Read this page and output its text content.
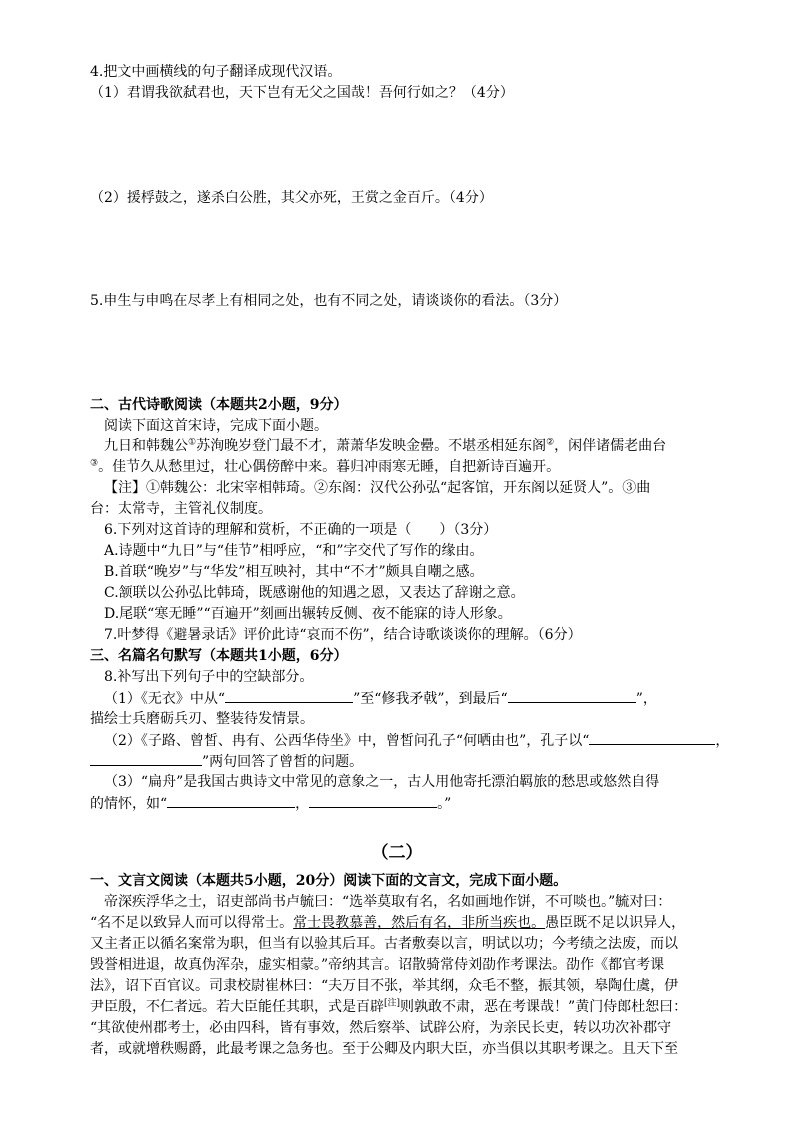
4.把文中画横线的句子翻译成现代汉语。
（1）君谓我欲弑君也，天下岂有无父之国哉！吾何行如之？（4分）
（2）援桴鼓之，遂杀白公胜，其父亦死，王赏之金百斤。（4分）
5.申生与申鸣在尽孝上有相同之处，也有不同之处，请谈谈你的看法。（3分）
二、古代诗歌阅读（本题共2小题，9分）
阅读下面这首宋诗，完成下面小题。
九日和韩魏公①苏洵晚岁登门最不才，萧萧华发映金罍。不堪丞相延东阁②，闲伴诸儒老曲台
③。佳节久从愁里过，壮心偶傍醉中来。暮归冲雨寒无睡，自把新诗百遍开。
【注】①韩魏公：北宋宰相韩琦。②东阁：汉代公孙弘“起客馆，开东阁以延贤人”。③曲
台：太常寺，主管礼仪制度。
6.下列对这首诗的理解和赏析，不正确的一项是（　　）（3分）
A.诗题中“九日”与“佳节”相呼应，“和”字交代了写作的缘由。
B.首联“晚岁”与“华发”相互映衬，其中“不才”颇具自嘲之感。
C.颔联以公孙弘比韩琦，既感谢他的知遇之恩，又表达了辞谢之意。
D.尾联“寒无睡”“百遍开”刻画出辗转反侧、夜不能寐的诗人形象。
7.叶梦得《避暑录话》评价此诗“哀而不伤”，结合诗歌谈谈你的理解。（6分）
三、名篇名句默写（本题共1小题，6分）
8.补写出下列句子中的空缺部分。
（1）《无衣》中从“	”至“修我矛戟”，到最后“	”，
描绘士兵磨砺兵刃、整装待发情景。
（2）《子路、曾皙、冉有、公西华侍坐》中，曾皙问孔子“何哂由也”，孔子以“	，
”两句回答了曾皙的问题。
（3）“扁舟”是我国古典诗文中常见的意象之一，古人用他寄托漂泊羁旅的愁思或悠然自得
的情怀，如“	，	。”
（二）
一、文言文阅读（本题共5小题，20分）阅读下面的文言文，完成下面小题。
帝深疾浮华之士，诏吏部尚书卢毓曰：“选举莫取有名，名如画地作饼，不可啖也。”毓对曰：
“名不足以致异人而可以得常士。常士畏教慕善，然后有名，非所当疾也。愚臣既不足以识异人，
又主者正以循名案常为职，但当有以验其后耳。古者敷奏以言，明试以功；今考绩之法废，而以
毁誉相进退，故真伪浑杂，虚实相蒙。”帝纳其言。诏散骑常侍刘劭作考课法。劭作《都官考课
法》，诏下百官议。司隶校尉崔林曰：“夫万目不张，举其纲，众毛不整，振其领，皋陶仕虞，伊
尹臣殷，不仁者远。若大臣能任其职，式是百辟[注]则孰敢不肃，恶在考课哉！”黄门侍郎杜恕曰：
“其欲使州郡考士，必由四科，皆有事效，然后察举、试辟公府，为亲民长吏，转以功次补郡守
者，或就增秩赐爵，此最考课之急务也。至于公卿及内职大臣，亦当俱以其职考课之。且天下至
